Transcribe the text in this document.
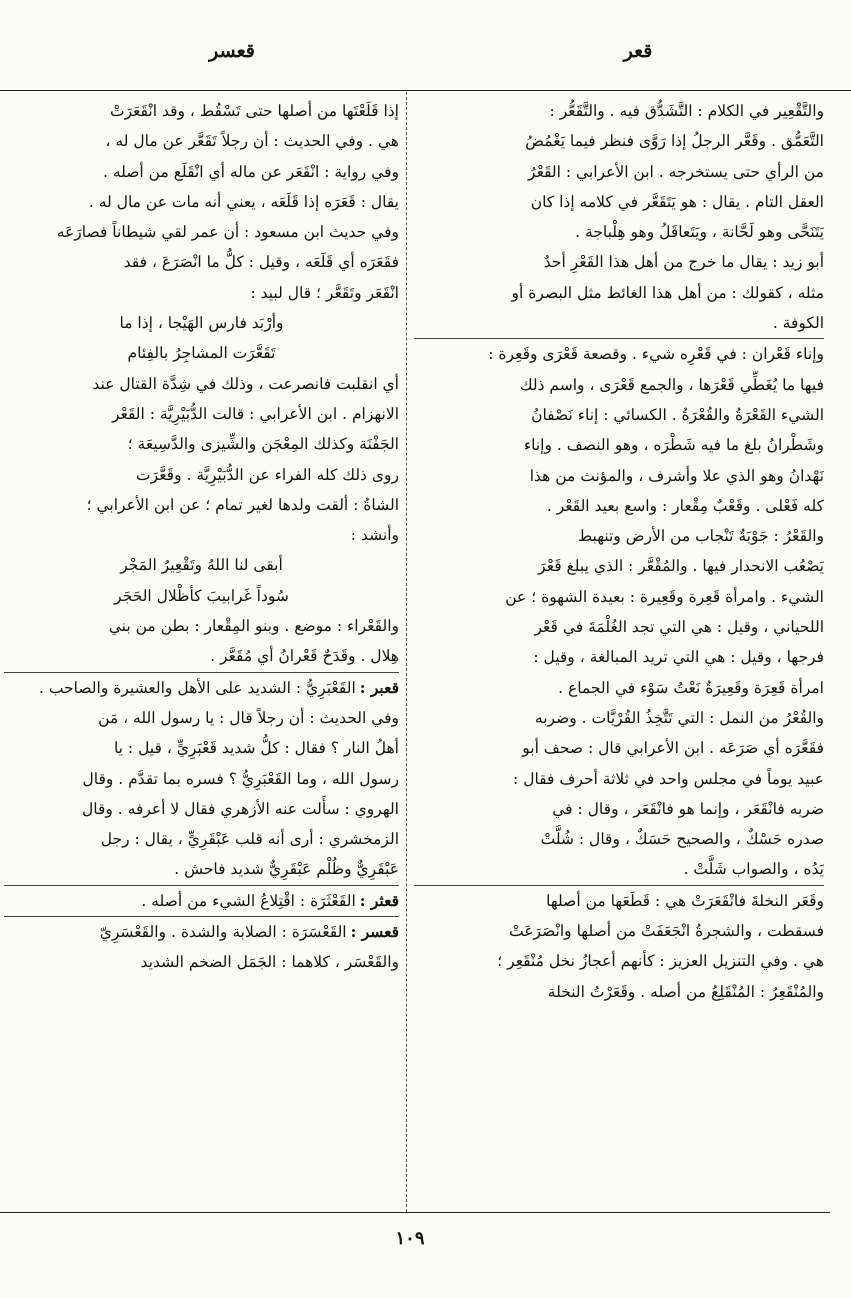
قعر
قعسر
والتَّقْعِير في الكلام : التَّشَدُّق فيه . والتَّقَعُّر :
التَّعَمُّق . وقَعَّر الرجلُ إذا رَوَّى فنظر فيما يَغْمُضُ
من الرأي حتى يستخرجه . ابن الأعرابي : القَعْرُ
العقل التام . يقال : هو يَتَقَعَّر في كلامه إذا كان
يَتَنَحَّى وهو لَحَّانة ، ويَتَعاقَلُ وهو هِلْباجة .
أبو زيد : يقال ما خرج من أهل هذا القَعْرِ أحدٌ
مثله ، كقولك : من أهل هذا الغائط مثل البصرة أو
الكوفة .
وإناء قَعْران : في قَعْرِه شيء . وقصعة قَعْرَى وقَعِرة :
فيها ما يُغَطِّي قَعْرَها ، والجمع قَعْرَى ، واسم ذلك
الشيء القَعْرَةُ والقُعْرَةُ . الكسائي : إناء نَصْفانُ
وشَطْرانُ بلغ ما فيه شَطْرَه ، وهو النصف . وإناء
نَهْدانُ وهو الذي علا وأشرف ، والمؤنث من هذا
كله فَعْلى . وقَعْبٌ مِقْعار : واسع بعيد القَعْر .
والقَعْرُ : جَوْبَةٌ تَنْجاب من الأرض وتنهبط
يَصْعُب الانحدار فيها . والمُقْعَّر : الذي يبلغ قَعْرَ
الشيء . وامرأة قَعِرة وقَعِيرة : بعيدة الشهوة ؛ عن
اللحياني ، وقيل : هي التي تجد الغُلْمَةَ في قَعْر
فرجها ، وقيل : هي التي تريد المبالغة ، وقيل :
امرأة قَعِرَة وقَعِيرَةٌ نَعْتُ سَوْء في الجماع .
والقُعْرُ من النمل : التي تَتَّخِذُ القُرْيَّات . وضربه
فقَعَّرَه أي صَرَعَه . ابن الأعرابي قال : صحف أبو
عبيد يوماً في مجلس واحد في ثلاثة أحرف فقال :
ضربه فانْقَعَر ، وإنما هو فانْقَعَر ، وقال : في
صدره حَسْكٌ ، والصحيح حَسَكٌ ، وقال : شُلَّتْ
يَدُه ، والصواب شَلَّتْ .
وقَعَر النخلةَ فانْقَعَرَتْ هي : قَطَعَها من أصلها
فسقطت ، والشجرةُ انْجَعَفَتْ من أصلها وانْصَرَعَتْ
هي . وفي التنزيل العزيز : كأنهم أعجازُ نخل مُنْقَعِر ؛
والمُنْقَعِرُ : المُنْقَلِعُ من أصله . وقَعَرْتُ النخلة
إذا قَلَعْتَها من أصلها حتى تَسْقُط ، وقد انْقَعَرَتْ
هي . وفي الحديث : أن رجلاً تَقَعَّر عن مال له ،
وفي رواية : انْقَعَر عن ماله أي انْقَلَع من أصله .
يقال : قَعَرَه إذا قَلَعَه ، يعني أنه مات عن مال له .
وفي حديث ابن مسعود : أن عمر لقي شيطاناً فصارَعَه
فقَعَرَه أي قَلَعَه ، وقيل : كلُّ ما انْصَرَعَ ، فقد
انْقَعَر وتَقَعَّر ؛ قال لبيد :
وأرْبَد فارس الهَيْجا ، إذا ما
تَقَعَّرَت المشاجِرُ بالفِئام
أي انقلبت فانصرعت ، وذلك في شِدَّة القتال عند
الانهزام . ابن الأعرابي : قالت الدُّبَيْرِيَّة : القَعْر
الجَفْنَة وكذلك المِعْجَن والشِّيزى والدَّسِيعَة ؛
روى ذلك كله الفراء عن الدُّبَيْرِيَّة . وقَعَّرَت
الشاةُ : ألقت ولدها لغير تمام ؛ عن ابن الأعرابي ؛
وأنشد :
أبقى لنا اللهُ وتَقْعِيرُ المَجْر
سُوداً غَرابيبَ كأظْلال الحَجَر
والقَعْراء : موضع . وبنو المِقْعار : بطن من بني
هِلال . وقَدَحٌ قَعْرانُ أي مُقَعَّر .
قعبر :القَعْبَرِيُّ : الشديد على الأهل والعشيرة والصاحب .
وفي الحديث : أن رجلاً قال : يا رسول الله ، مَن
أهلُ النار ؟ فقال : كلُّ شديد قَعْبَرِيٍّ ، قيل : يا
رسول الله ، وما القَعْبَرِيُّ ؟ فسره بما تقدَّم . وقال
الهروي : سأَلت عنه الأزهري فقال لا أعرفه . وقال
الزمخشري : أرى أنه قلب عَبْقَرِيٍّ ، يقال : رجل
عَبْقَرِيٌّ وظُلْم عَبْقَرِيٌّ شديد فاحش .
قعثر :القَعْثَرَة : اقْتِلاعُ الشيء من أصله .
قعسر :القَعْسَرَة : الصلابة والشدة . والقَعْسَرِيّ
والقَعْسَر ، كلاهما : الجَمَل الضخم الشديد
١٠٩
